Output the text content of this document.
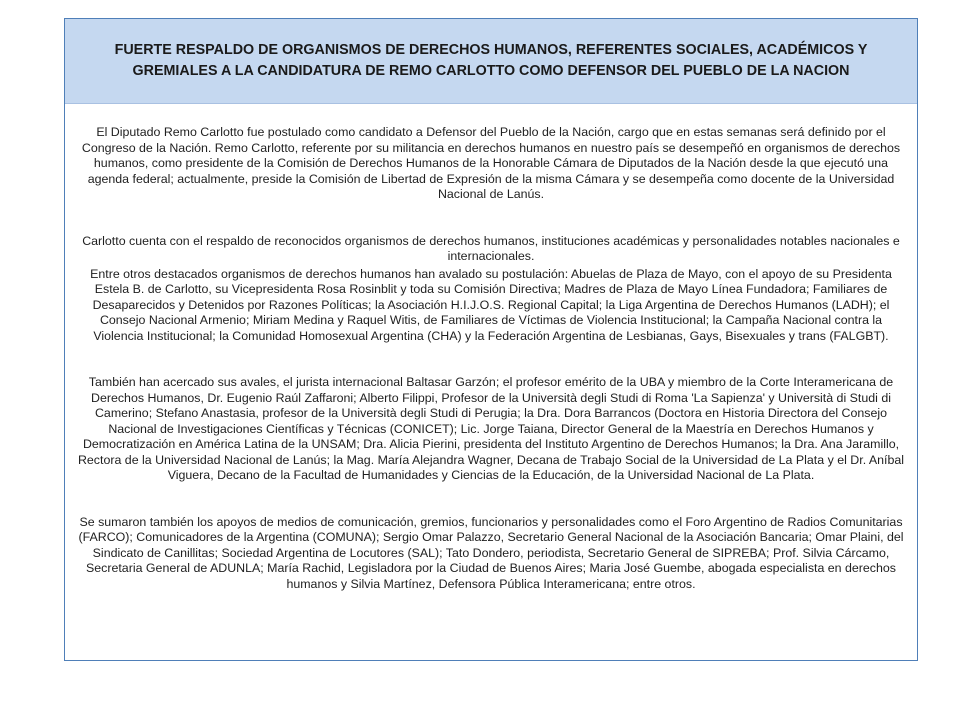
FUERTE RESPALDO DE ORGANISMOS DE DERECHOS HUMANOS, REFERENTES SOCIALES, ACADÉMICOS Y GREMIALES A LA CANDIDATURA DE REMO CARLOTTO COMO DEFENSOR DEL PUEBLO DE LA NACION

El Diputado Remo Carlotto fue postulado como candidato a Defensor del Pueblo de la Nación, cargo que en estas semanas será definido por el Congreso de la Nación. Remo Carlotto, referente por su militancia en derechos humanos en nuestro país se desempeñó en organismos de derechos humanos, como presidente de la Comisión de Derechos Humanos de la Honorable Cámara de Diputados de la Nación desde la que ejecutó una agenda federal; actualmente, preside la Comisión de Libertad de Expresión de la misma Cámara y se desempeña como docente de la Universidad Nacional de Lanús.

Carlotto cuenta con el respaldo de reconocidos organismos de derechos humanos, instituciones académicas y personalidades notables nacionales e internacionales.

Entre otros destacados organismos de derechos humanos han avalado su postulación: Abuelas de Plaza de Mayo, con el apoyo de su Presidenta Estela B. de Carlotto, su Vicepresidenta Rosa Rosinblit y toda su Comisión Directiva; Madres de Plaza de Mayo Línea Fundadora; Familiares de Desaparecidos y Detenidos por Razones Políticas; la Asociación H.I.J.O.S. Regional Capital; la Liga Argentina de Derechos Humanos (LADH); el Consejo Nacional Armenio; Miriam Medina y Raquel Witis, de Familiares de Víctimas de Violencia Institucional; la Campaña Nacional contra la Violencia Institucional; la Comunidad Homosexual Argentina (CHA) y la Federación Argentina de Lesbianas, Gays, Bisexuales y trans (FALGBT).

También han acercado sus avales, el jurista internacional Baltasar Garzón; el profesor emérito de la UBA y miembro de la Corte Interamericana de Derechos Humanos, Dr. Eugenio Raúl Zaffaroni; Alberto Filippi, Profesor de la Università degli Studi di Roma 'La Sapienza' y Università di Studi di Camerino; Stefano Anastasia, profesor de la Università degli Studi di Perugia; la Dra. Dora Barrancos (Doctora en Historia Directora del Consejo Nacional de Investigaciones Científicas y Técnicas (CONICET); Lic. Jorge Taiana, Director General de la Maestría en Derechos Humanos y Democratización en América Latina de la UNSAM; Dra. Alicia Pierini, presidenta del Instituto Argentino de Derechos Humanos; la Dra. Ana Jaramillo, Rectora de la Universidad Nacional de Lanús; la Mag. María Alejandra Wagner, Decana de Trabajo Social de la Universidad de La Plata y el Dr. Aníbal Viguera, Decano de la Facultad de Humanidades y Ciencias de la Educación, de la Universidad Nacional de La Plata.

Se sumaron también los apoyos de medios de comunicación, gremios, funcionarios y personalidades como el Foro Argentino de Radios Comunitarias (FARCO); Comunicadores de la Argentina (COMUNA); Sergio Omar Palazzo, Secretario General Nacional de la Asociación Bancaria; Omar Plaini, del Sindicato de Canillitas; Sociedad Argentina de Locutores (SAL); Tato Dondero, periodista, Secretario General de SIPREBA; Prof. Silvia Cárcamo, Secretaria General de ADUNLA; María Rachid, Legisladora por la Ciudad de Buenos Aires; Maria José Guembe, abogada especialista en derechos humanos y Silvia Martínez, Defensora Pública Interamericana; entre otros.
